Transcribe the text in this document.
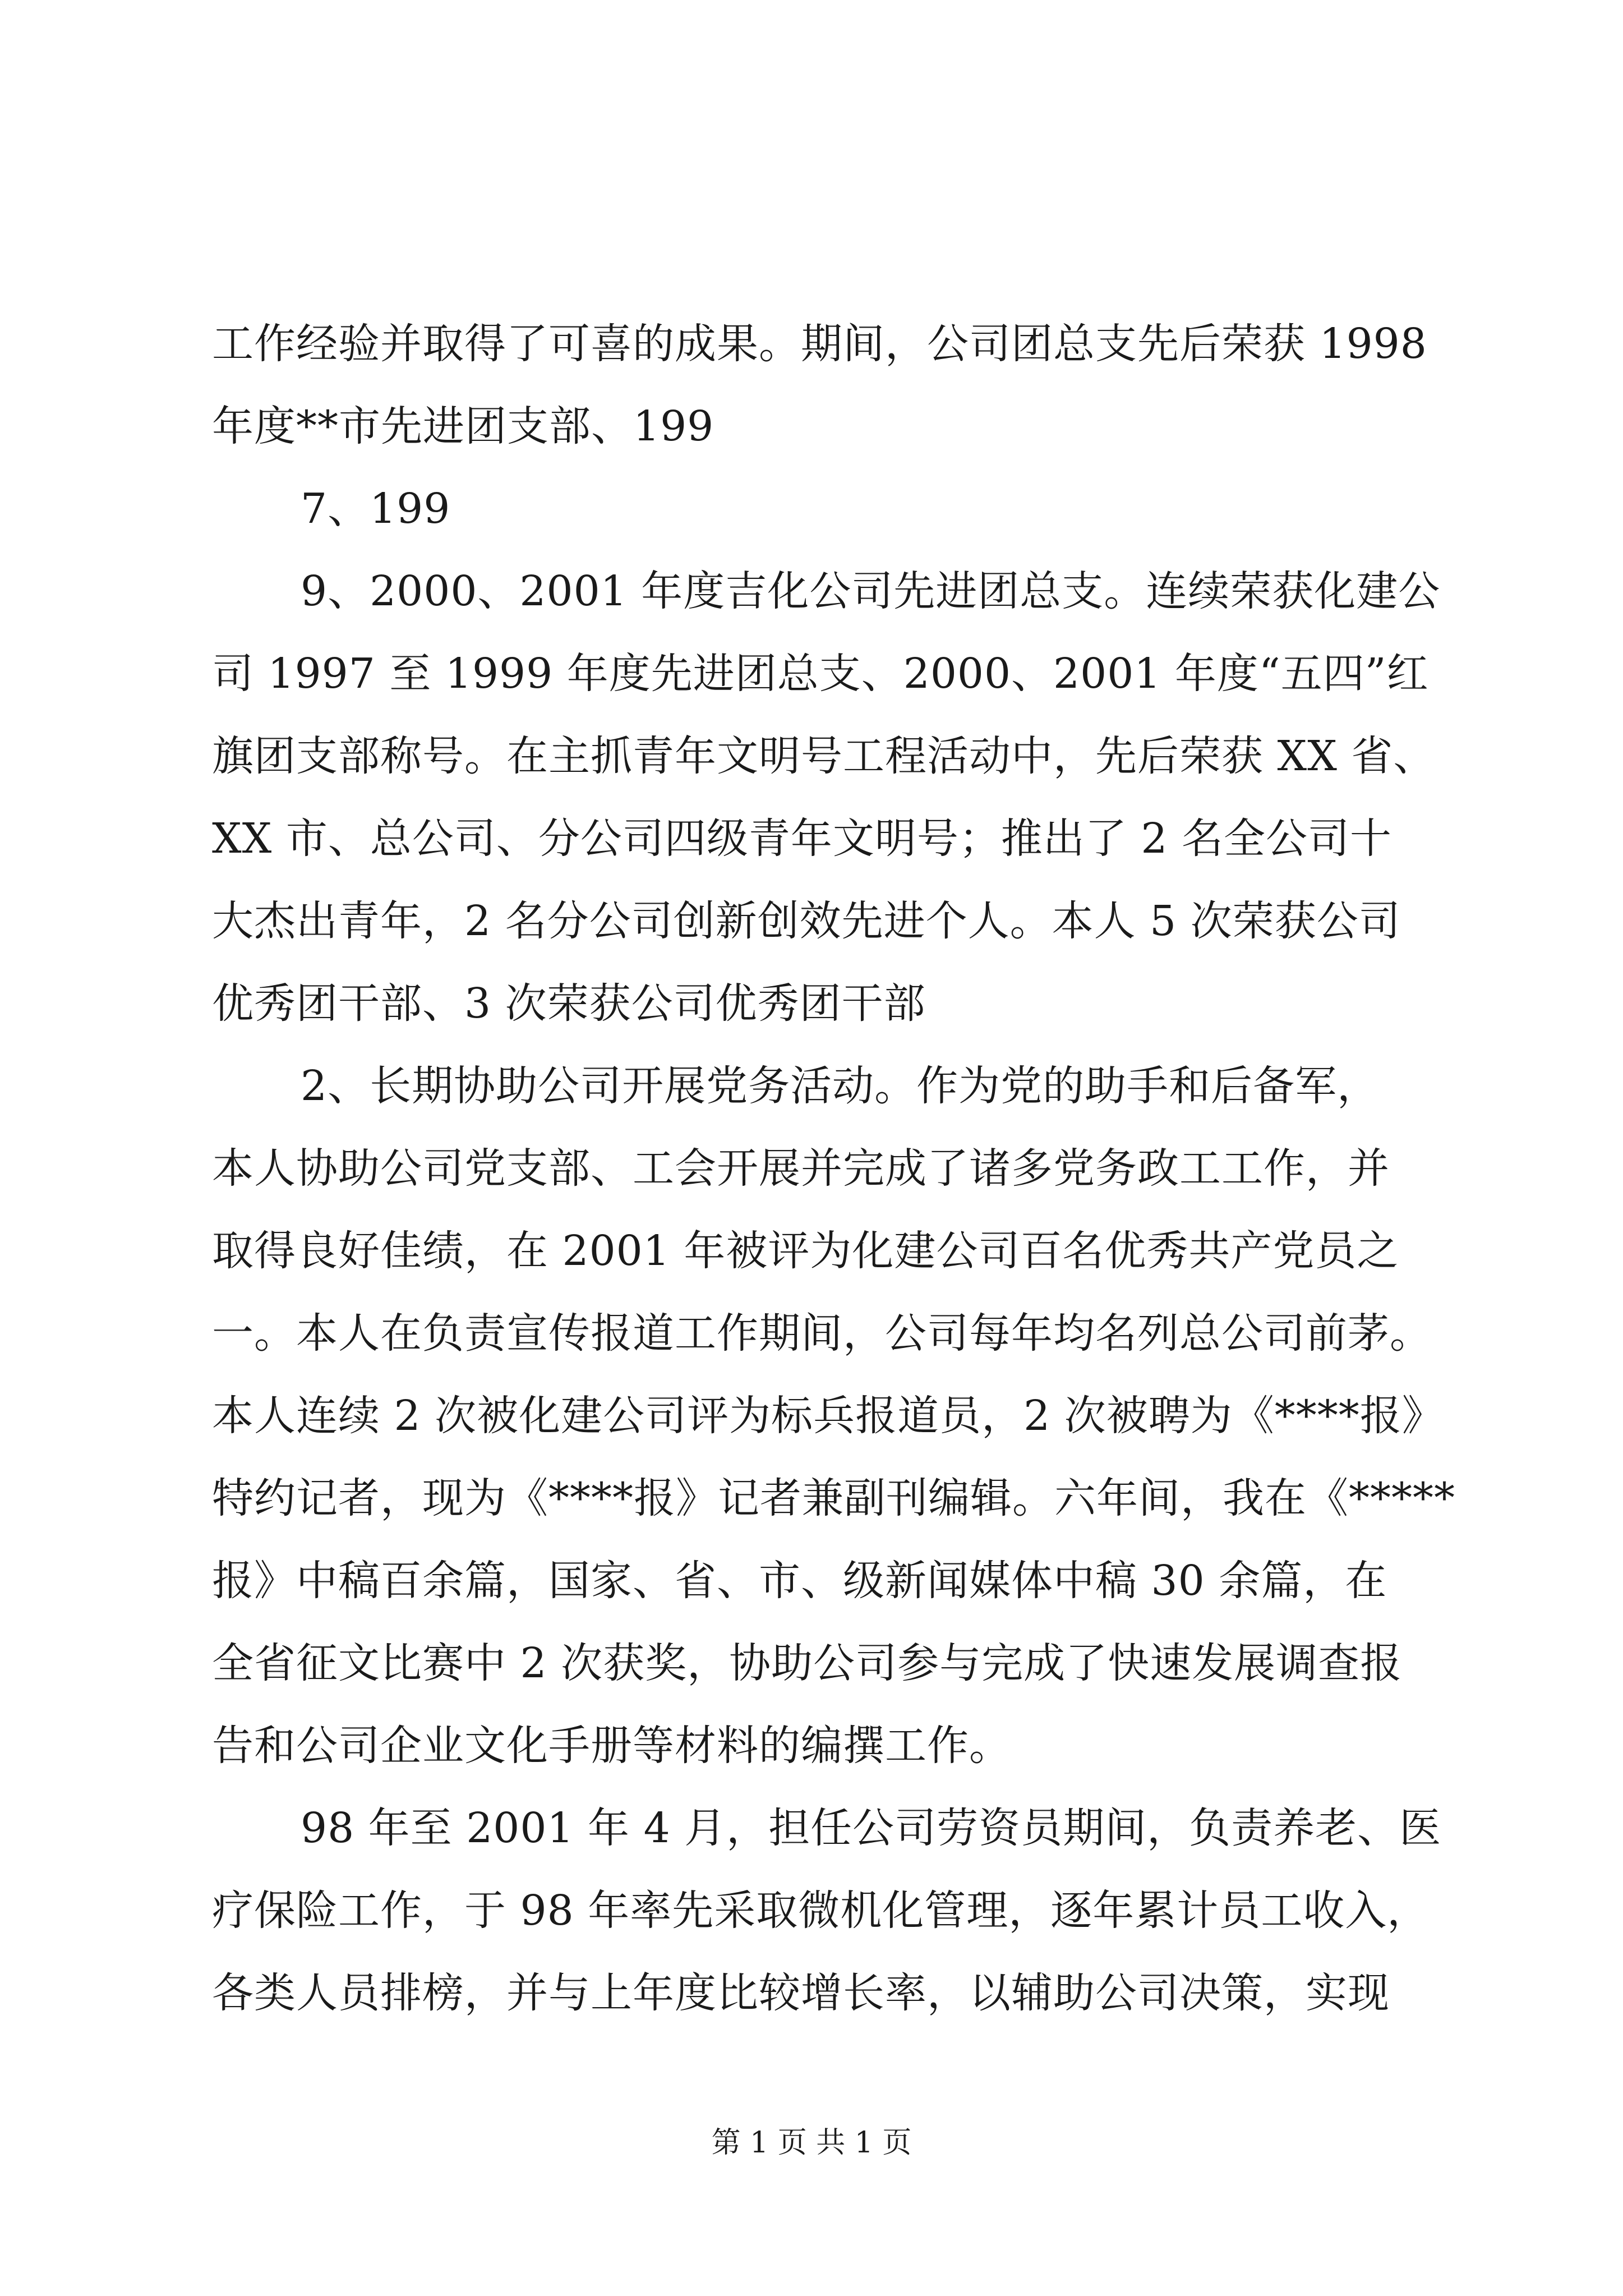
工作经验并取得了可喜的成果。期间，公司团总支先后荣获 1998
年度**市先进团支部、199
7、199
9、2000、2001 年度吉化公司先进团总支。连续荣获化建公
司 1997 至 1999 年度先进团总支、2000、2001 年度“五四”红
旗团支部称号。在主抓青年文明号工程活动中，先后荣获 XX 省、
XX 市、总公司、分公司四级青年文明号；推出了 2 名全公司十
大杰出青年，2 名分公司创新创效先进个人。本人 5 次荣获公司
优秀团干部、3 次荣获公司优秀团干部
2、长期协助公司开展党务活动。作为党的助手和后备军，
本人协助公司党支部、工会开展并完成了诸多党务政工工作，并
取得良好佳绩，在 2001 年被评为化建公司百名优秀共产党员之
一。本人在负责宣传报道工作期间，公司每年均名列总公司前茅。
本人连续 2 次被化建公司评为标兵报道员，2 次被聘为《****报》
特约记者，现为《****报》记者兼副刊编辑。六年间，我在《*****
报》中稿百余篇，国家、省、市、级新闻媒体中稿 30 余篇，在
全省征文比赛中 2 次获奖，协助公司参与完成了快速发展调查报
告和公司企业文化手册等材料的编撰工作。
98 年至 2001 年 4 月，担任公司劳资员期间，负责养老、医
疗保险工作，于 98 年率先采取微机化管理，逐年累计员工收入，
各类人员排榜，并与上年度比较增长率，以辅助公司决策，实现
第 1 页 共 1 页
